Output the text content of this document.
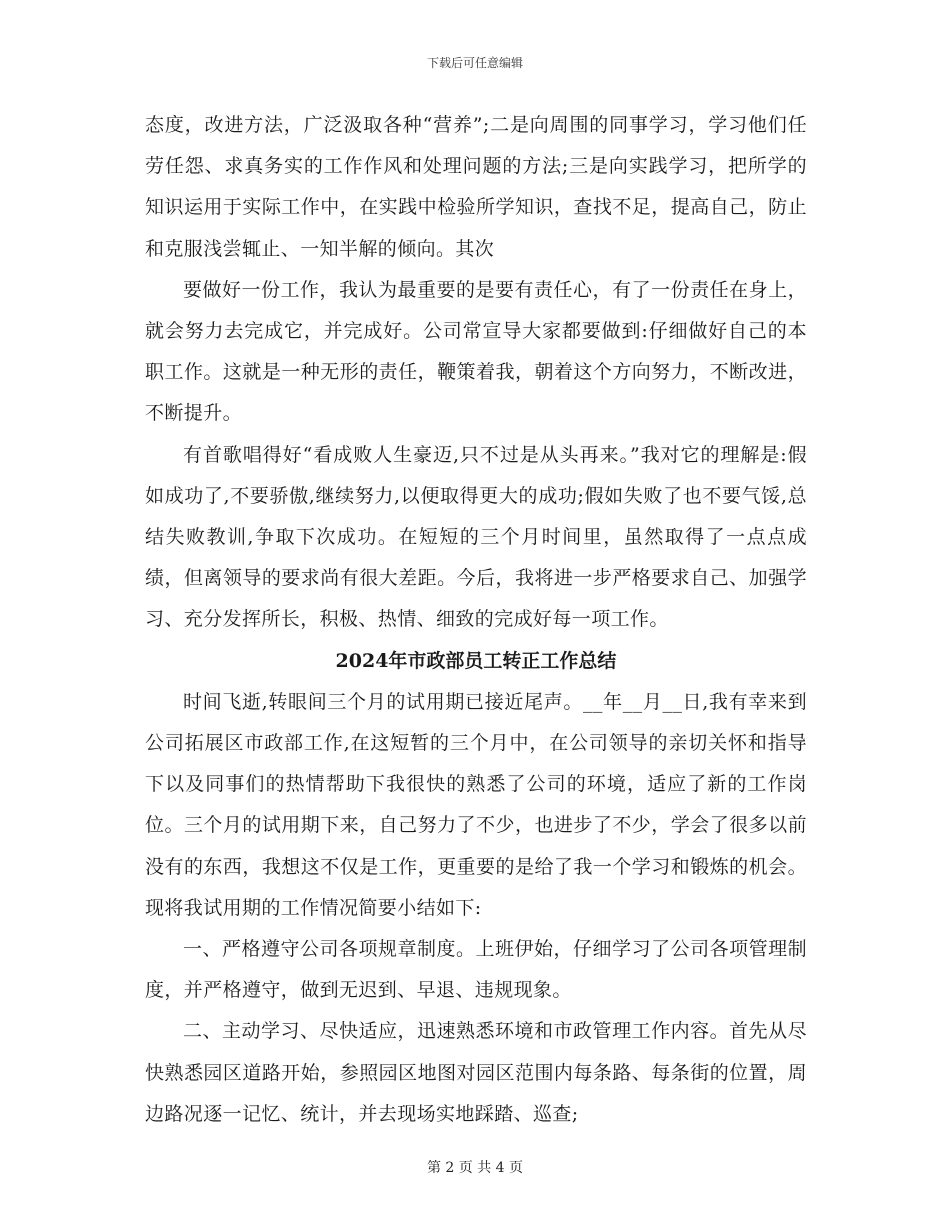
下载后可任意编辑

态度，改进方法，广泛汲取各种“营养”;二是向周围的同事学习，学习他们任劳任怨、求真务实的工作作风和处理问题的方法;三是向实践学习，把所学的知识运用于实际工作中，在实践中检验所学知识，查找不足，提高自己，防止和克服浅尝辄止、一知半解的倾向。其次

要做好一份工作，我认为最重要的是要有责任心，有了一份责任在身上，就会努力去完成它，并完成好。公司常宣导大家都要做到:仔细做好自己的本职工作。这就是一种无形的责任，鞭策着我，朝着这个方向努力，不断改进，不断提升。

有首歌唱得好“看成败人生豪迈,只不过是从头再来。”我对它的理解是:假如成功了,不要骄傲,继续努力,以便取得更大的成功;假如失败了也不要气馁,总结失败教训,争取下次成功。在短短的三个月时间里，虽然取得了一点点成绩，但离领导的要求尚有很大差距。今后，我将进一步严格要求自己、加强学习、充分发挥所长，积极、热情、细致的完成好每一项工作。

2024年市政部员工转正工作总结

时间飞逝,转眼间三个月的试用期已接近尾声。__年__月__日,我有幸来到公司拓展区市政部工作,在这短暂的三个月中，在公司领导的亲切关怀和指导下以及同事们的热情帮助下我很快的熟悉了公司的环境，适应了新的工作岗位。三个月的试用期下来，自己努力了不少，也进步了不少，学会了很多以前没有的东西，我想这不仅是工作，更重要的是给了我一个学习和锻炼的机会。现将我试用期的工作情况简要小结如下:

一、严格遵守公司各项规章制度。上班伊始，仔细学习了公司各项管理制度，并严格遵守，做到无迟到、早退、违规现象。

二、主动学习、尽快适应，迅速熟悉环境和市政管理工作内容。首先从尽快熟悉园区道路开始，参照园区地图对园区范围内每条路、每条街的位置，周边路况逐一记忆、统计，并去现场实地踩踏、巡查;

第 2 页 共 4 页
